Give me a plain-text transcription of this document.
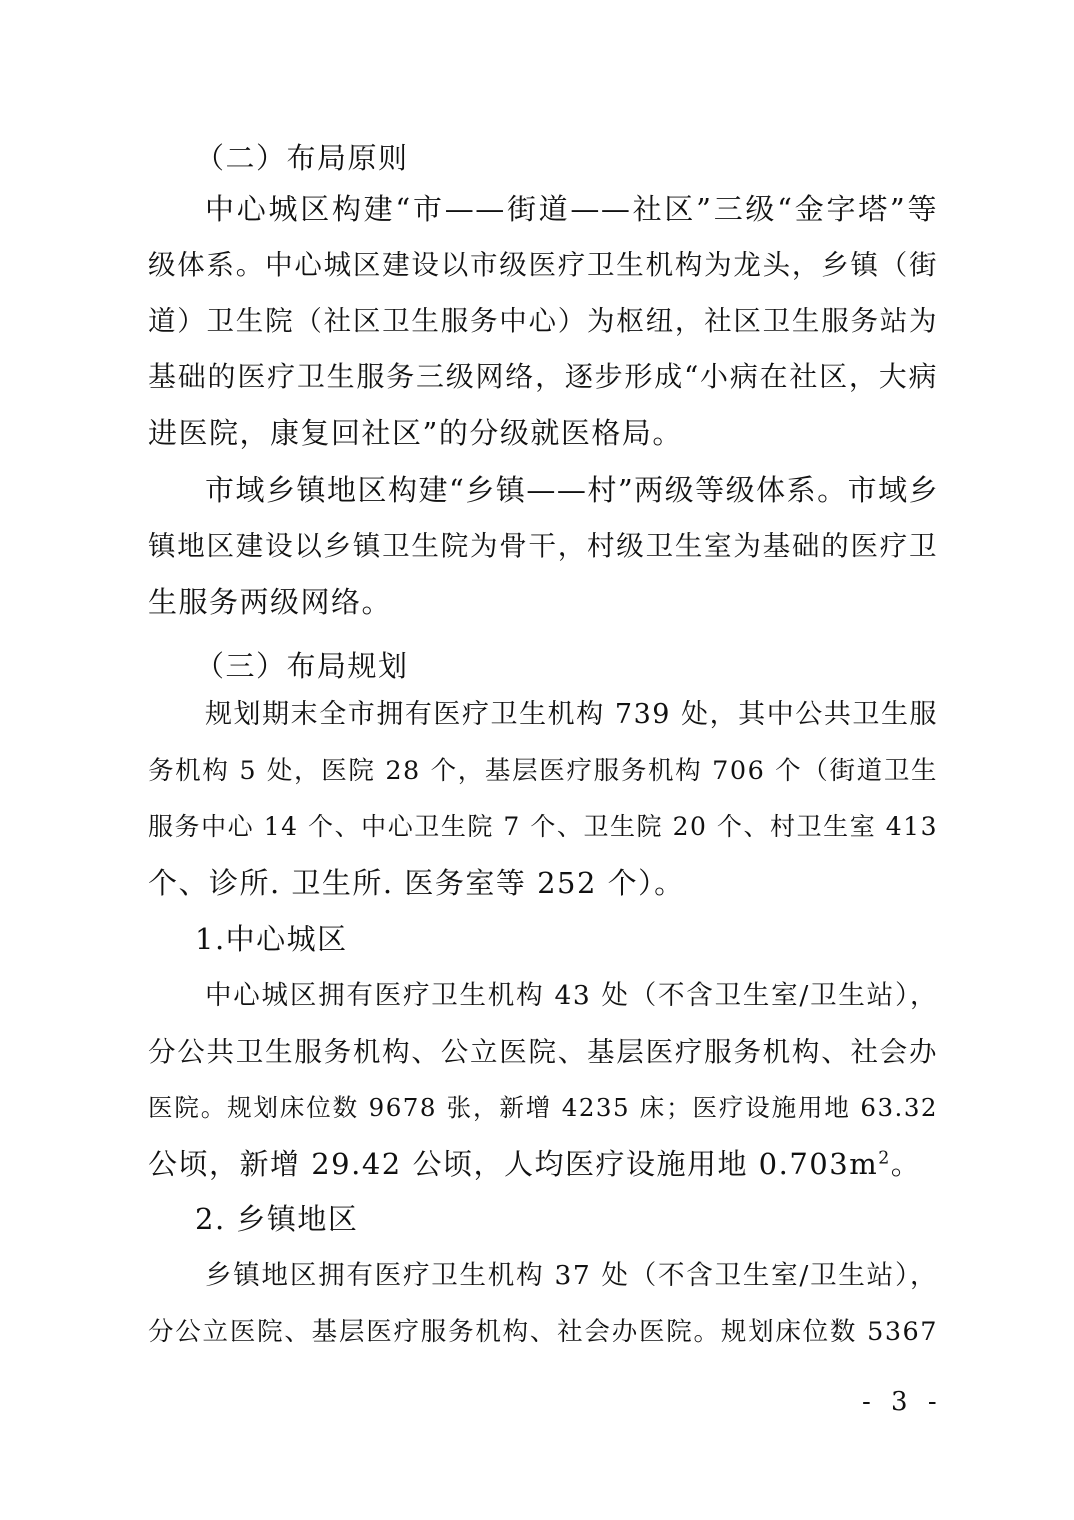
（二）布局原则
中心城区构建“市——街道——社区”三级“金字塔”等
级体系。中心城区建设以市级医疗卫生机构为龙头，乡镇（街
道）卫生院（社区卫生服务中心）为枢纽，社区卫生服务站为
基础的医疗卫生服务三级网络，逐步形成“小病在社区，大病
进医院，康复回社区”的分级就医格局。
市域乡镇地区构建“乡镇——村”两级等级体系。市域乡
镇地区建设以乡镇卫生院为骨干，村级卫生室为基础的医疗卫
生服务两级网络。
（三）布局规划
规划期末全市拥有医疗卫生机构 739 处，其中公共卫生服
务机构 5 处，医院 28 个，基层医疗服务机构 706 个（街道卫生
服务中心 14 个、中心卫生院 7 个、卫生院 20 个、村卫生室 413
个、诊所. 卫生所. 医务室等 252 个）。
1.中心城区
中心城区拥有医疗卫生机构 43 处（不含卫生室/卫生站），
分公共卫生服务机构、公立医院、基层医疗服务机构、社会办
医院。规划床位数 9678 张，新增 4235 床；医疗设施用地 63.32
公顷，新增 29.42 公顷，人均医疗设施用地 $0.703m^2$。
2. 乡镇地区
乡镇地区拥有医疗卫生机构 37 处（不含卫生室/卫生站），
分公立医院、基层医疗服务机构、社会办医院。规划床位数 5367
- 3 -
